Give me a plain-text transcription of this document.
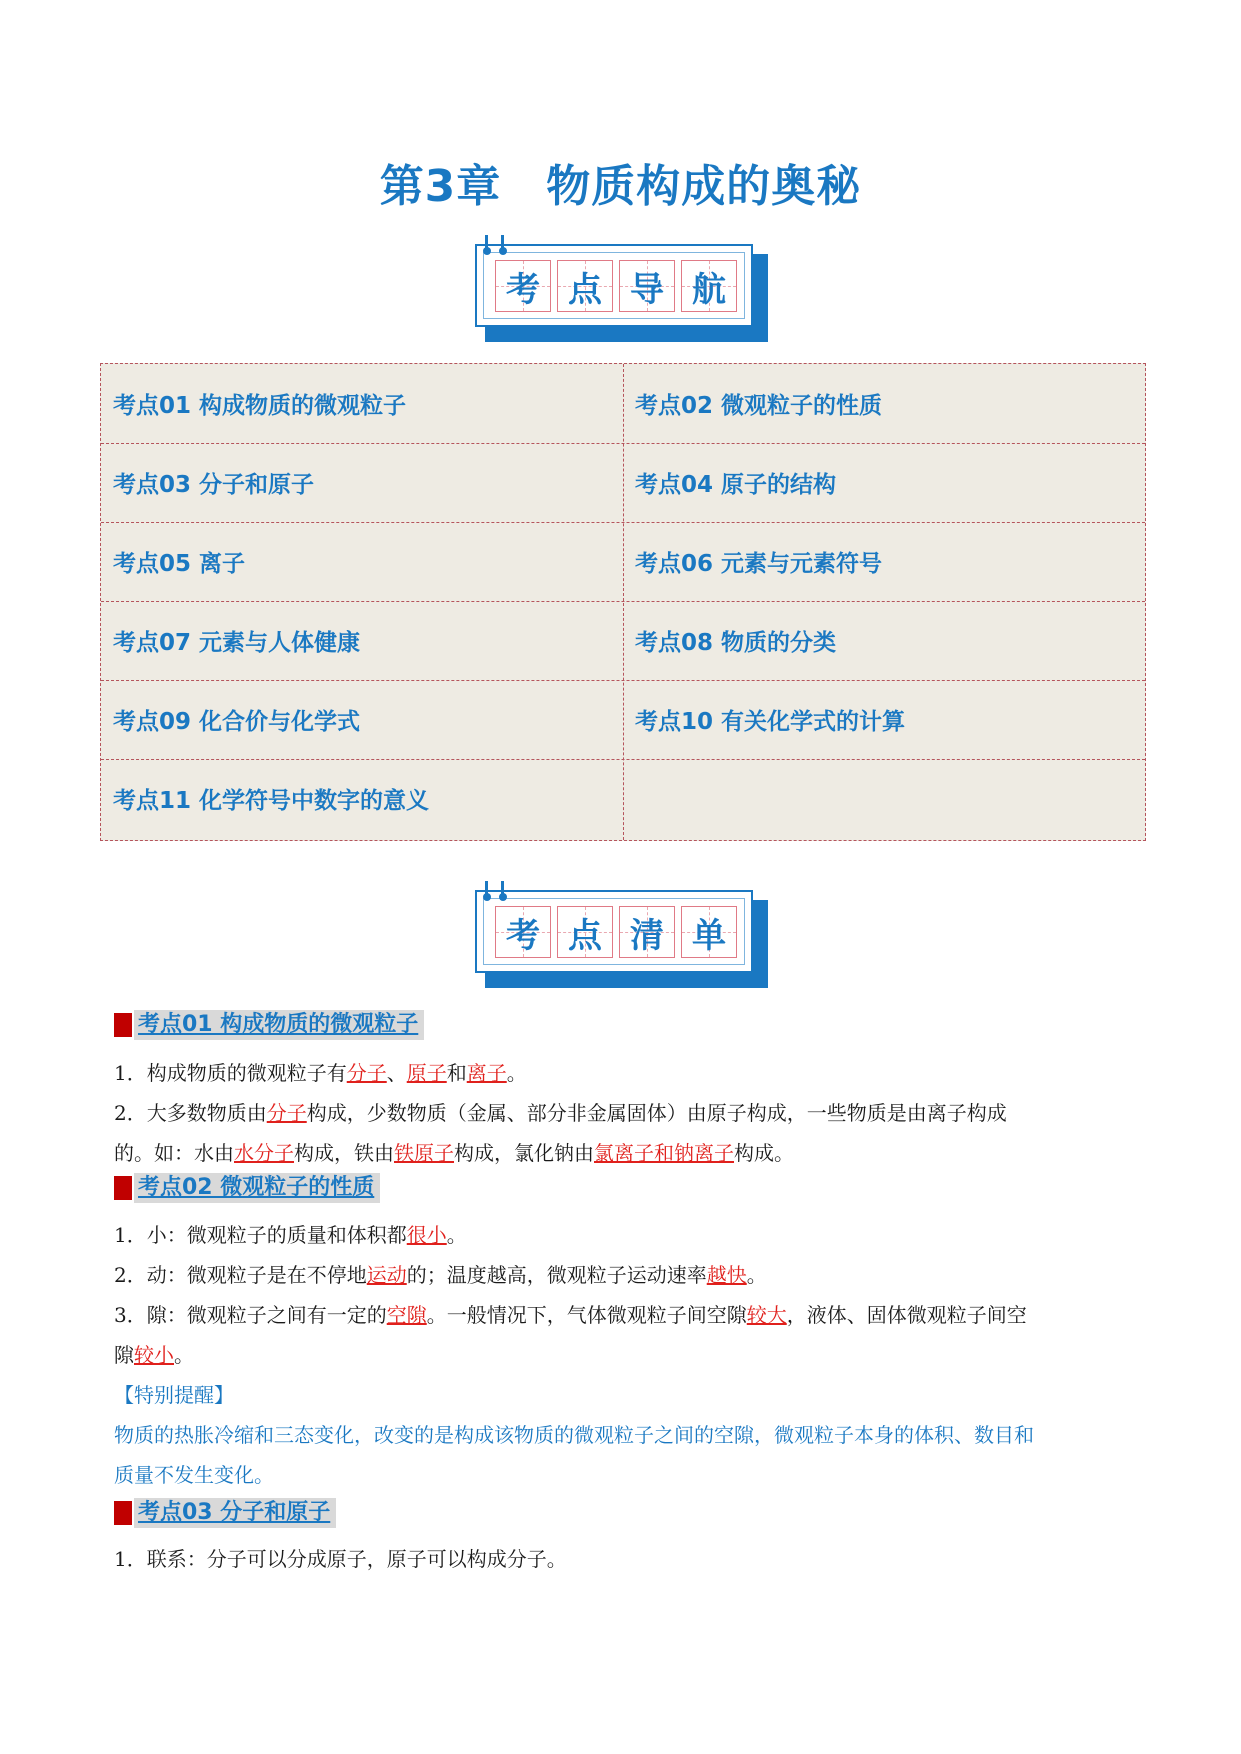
第3章　物质构成的奥秘
考 点 导 航
考点01 构成物质的微观粒子	考点02 微观粒子的性质
考点03 分子和原子	考点04 原子的结构
考点05 离子	考点06 元素与元素符号
考点07 元素与人体健康	考点08 物质的分类
考点09 化合价与化学式	考点10 有关化学式的计算
考点11 化学符号中数字的意义
考 点 清 单
考点01 构成物质的微观粒子
1．构成物质的微观粒子有分子、原子和离子。
2．大多数物质由分子构成，少数物质（金属、部分非金属固体）由原子构成，一些物质是由离子构成
的。如：水由水分子构成，铁由铁原子构成，氯化钠由氯离子和钠离子构成。
考点02 微观粒子的性质
1．小：微观粒子的质量和体积都很小。
2．动：微观粒子是在不停地运动的；温度越高，微观粒子运动速率越快。
3．隙：微观粒子之间有一定的空隙。一般情况下，气体微观粒子间空隙较大，液体、固体微观粒子间空
隙较小。
【特别提醒】
物质的热胀冷缩和三态变化，改变的是构成该物质的微观粒子之间的空隙，微观粒子本身的体积、数目和
质量不发生变化。
考点03 分子和原子
1．联系：分子可以分成原子，原子可以构成分子。
